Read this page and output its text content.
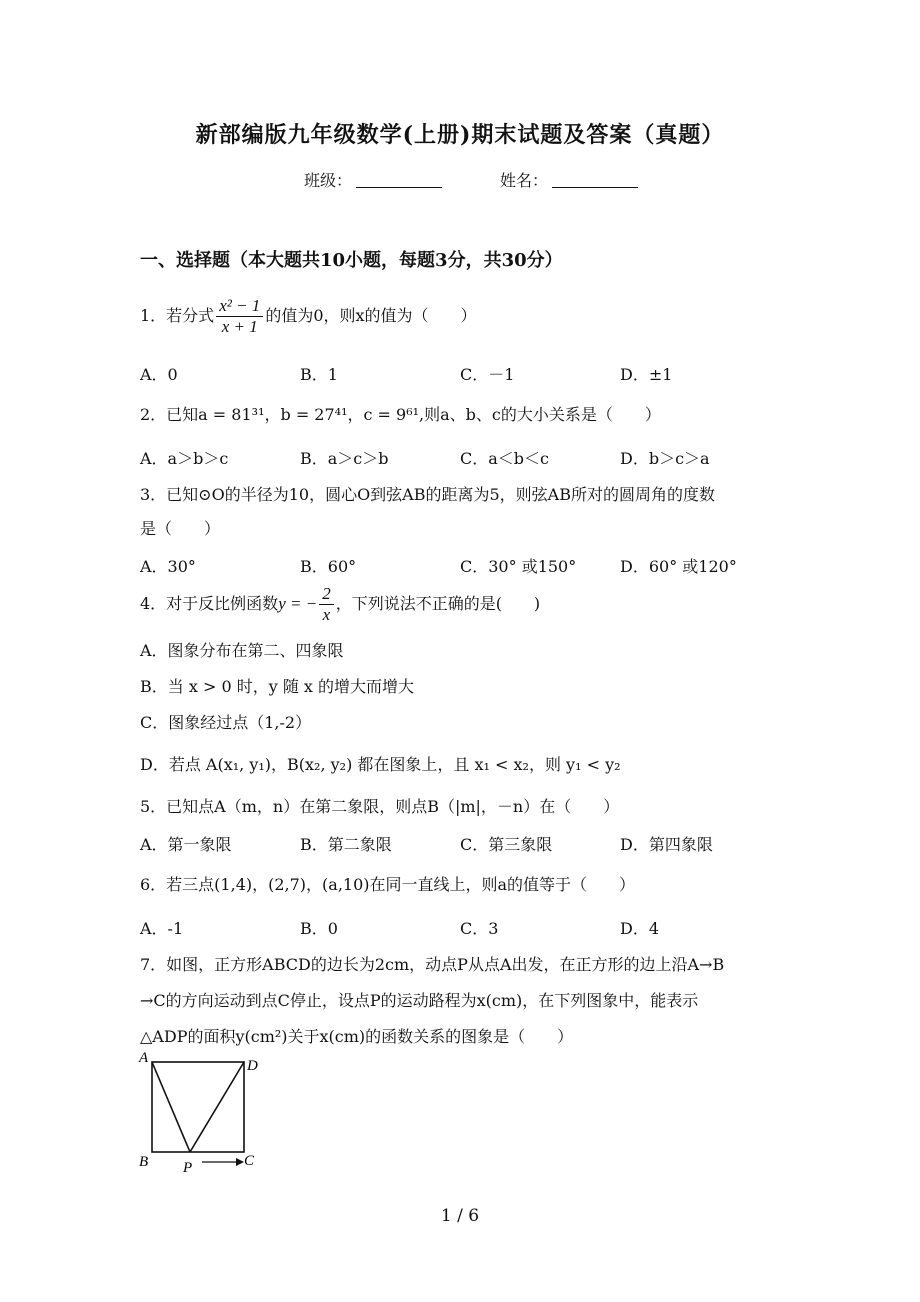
新部编版九年级数学(上册)期末试题及答案（真题）
班级：	姓名：
一、选择题（本大题共10小题，每题3分，共30分）
1．若分式 $\frac{\text{x² − 1}}{x + 1}$ 的值为0，则x的值为（　　）
A．0	B．1	C．－1	D．±1
2．已知a = 81³¹，b = 27⁴¹，c = 9⁶¹,则a、b、c的大小关系是（　　）
A．a＞b＞c	B．a＞c＞b	C．a＜b＜c	D．b＞c＞a
3．已知⊙O的半径为10，圆心O到弦AB的距离为5，则弦AB所对的圆周角的度数
是（　　）
A．30°	B．60°	C．30° 或150°	D．60° 或120°
4．对于反比例函数y = − $\frac{2}{x}$ ，下列说法不正确的是(　　)
A．图象分布在第二、四象限
B．当 x > 0 时，y 随 x 的增大而增大
C．图象经过点（1,-2）
D．若点 A(x₁, y₁)，B(x₂, y₂) 都在图象上，且 x₁ < x₂，则 y₁ < y₂
5．已知点A（m，n）在第二象限，则点B（|m|，－n）在（　　）
A．第一象限	B．第二象限	C．第三象限	D．第四象限
6．若三点(1,4)，(2,7)，(a,10)在同一直线上，则a的值等于（　　）
A．-1	B．0	C．3	D．4
7．如图，正方形ABCD的边长为2cm，动点P从点A出发，在正方形的边上沿A→B
→C的方向运动到点C停止，设点P的运动路程为x(cm)，在下列图象中，能表示
△ADP的面积y(cm²)关于x(cm)的函数关系的图象是（　　）
A	D
B	C
P
1 / 6
